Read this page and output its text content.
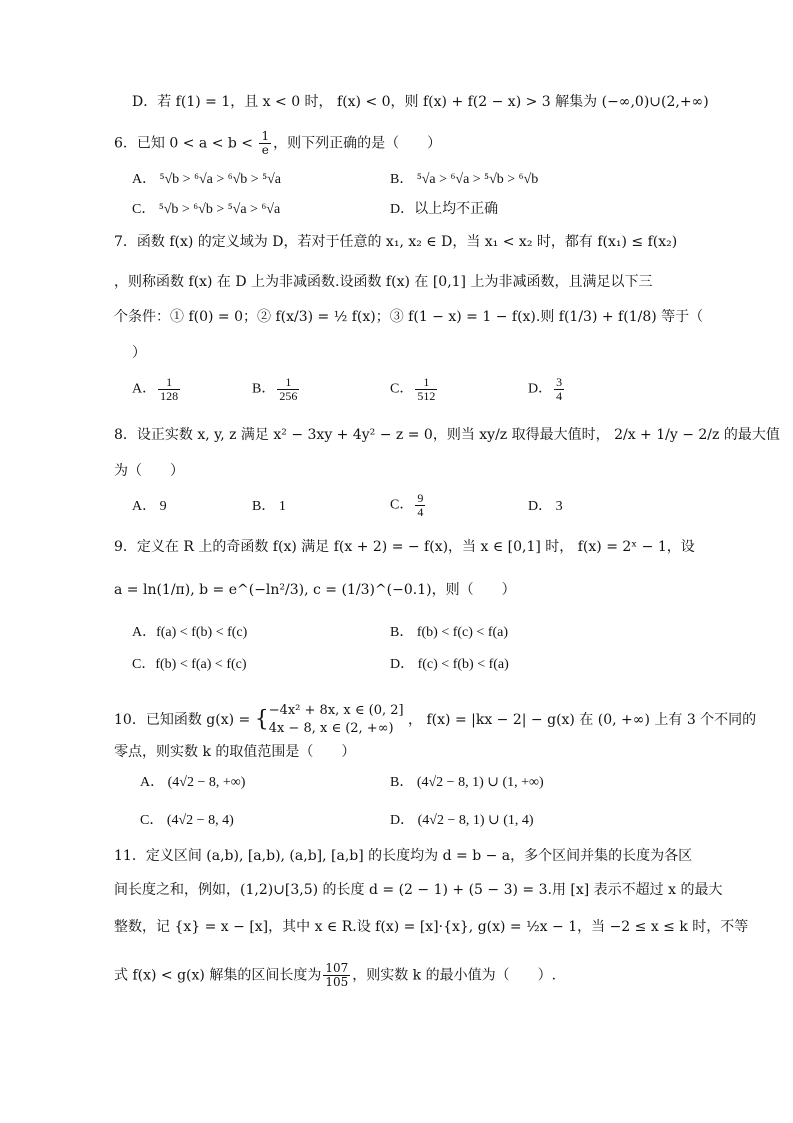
D．若 f(1) = 1，且 x < 0 时， f(x) < 0，则 f(x) + f(2 − x) > 3 解集为 (−∞,0)∪(2,+∞)
6．已知 $0 < a < b < \frac{1}{e}$ ，则下列正确的是（　　）
A． ⁵√b > ⁶√a > ⁶√b > ⁵√a	B． ⁵√a > ⁶√a > ⁵√b > ⁶√b
C． ⁵√b > ⁶√b > ⁵√a > ⁶√a	D．以上均不正确
7．函数 f(x) 的定义域为 D，若对于任意的 x₁, x₂ ∈ D，当 x₁ < x₂ 时，都有 f(x₁) ≤ f(x₂)
，则称函数 f(x) 在 D 上为非减函数.设函数 f(x) 在 [0,1] 上为非减函数，且满足以下三
个条件：① f(0) = 0；② f(x/3) = ½ f(x)；③ f(1 − x) = 1 − f(x).则 f(1/3) + f(1/8) 等于（
）
A． $\frac{1}{128}$	B． $\frac{1}{256}$	C． $\frac{1}{512}$	D． $\frac{3}{4}$
8．设正实数 x, y, z 满足 x² − 3xy + 4y² − z = 0，则当 xy/z 取得最大值时， 2/x + 1/y − 2/z 的最大值
为（　　）
A． 9	B． 1	C． $\frac{9}{4}$	D． 3
9．定义在 R 上的奇函数 f(x) 满足 f(x + 2) = − f(x)，当 x ∈ [0,1] 时， f(x) = 2ˣ − 1，设
a = ln(1/π), b = e^(−ln²/3), c = (1/3)^(−0.1)，则（　　）
A．f(a) < f(b) < f(c)	B． f(b) < f(c) < f(a)
C．f(b) < f(a) < f(c)	D． f(c) < f(b) < f(a)
10．已知函数 g(x) = { −4x² + 8x, x ∈ (0, 2]
4x − 8, x ∈ (2, +∞)
， f(x) = |kx − 2| − g(x) 在 (0, +∞) 上有 3 个不同的
零点，则实数 k 的取值范围是（　　）
A． (4√2 − 8, +∞)	B． (4√2 − 8, 1) ∪ (1, +∞)
C． (4√2 − 8, 4)	D． (4√2 − 8, 1) ∪ (1, 4)
11．定义区间 (a,b), [a,b), (a,b], [a,b] 的长度均为 d = b − a，多个区间并集的长度为各区
间长度之和，例如，(1,2)∪[3,5) 的长度 d = (2 − 1) + (5 − 3) = 3.用 [x] 表示不超过 x 的最大
整数，记 {x} = x − [x]，其中 x ∈ R.设 f(x) = [x]·{x}, g(x) = ½x − 1，当 −2 ≤ x ≤ k 时，不等
式 f(x) < g(x) 解集的区间长度为 $\frac{107}{105}$ ，则实数 k 的最小值为（　　）.
